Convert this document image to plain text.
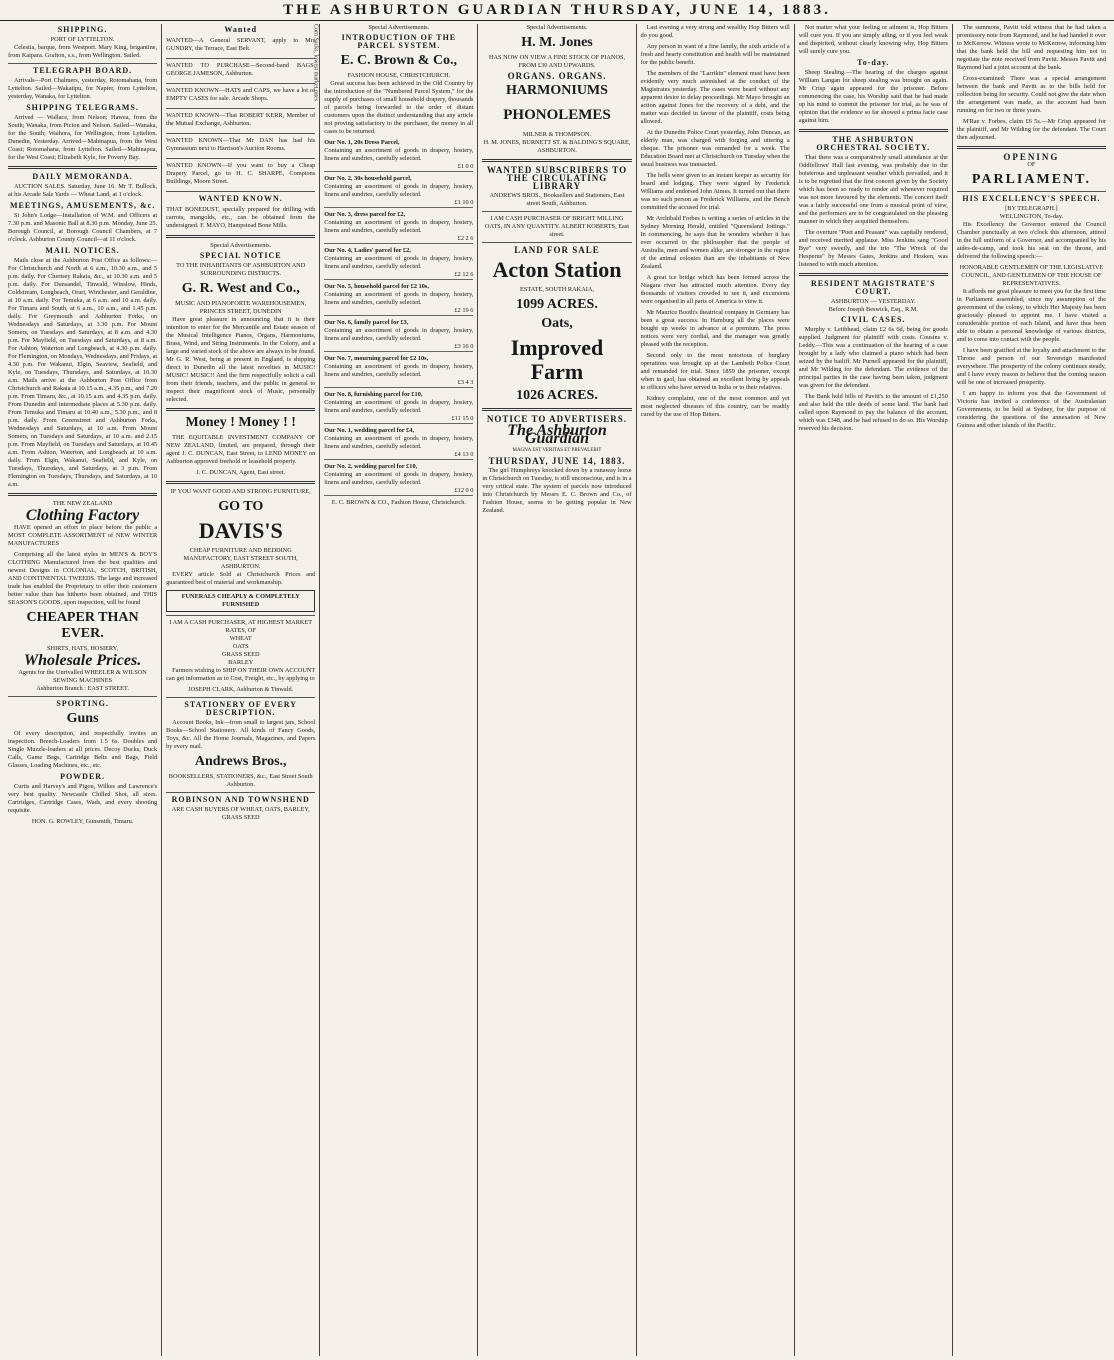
THE ASHBURTON GUARDIAN THURSDAY, JUNE 14, 1883.
SHIPPING.
PORT OF LYTTELTON.

Celestia, barque, from Westport. Mary King, brigantine, from Kaipara. Grafton, s.s., from Wellington. Sailed.

TELEGRAPH BOARD.

Arrivals—Port Chalmers, yesterday, Rotomahana, from Lyttelton. Sailed—Wakatipu, for Napier, from Lyttelton, yesterday, Wanaka, for Lyttelton.

SHIPPING TELEGRAMS.

Arrived — Wallace, from Nelson; Hawea, from the South; Wanaka, from Picton and Nelson. Sailed—Wanaka, for the South; Waihora, for Wellington, from Lyttelton. Dunedin, Yesterday. Arrived—Mahinapua, from the West Coast; Rotomahana, from Lyttelton. Sailed—Mahinapua, for the West Coast; Elizabeth Kyle, for Poverty Bay.

DAILY MEMORANDA.

AUCTION SALES. Saturday, June 16. Mr T. Bullock, at his Arcade Sale Yards — Wheat Land, at 1 o'clock.

MEETINGS, AMUSEMENTS, &c.

St John's Lodge—Installation of W.M. and Officers at 7.30 p.m. and Masonic Ball at 8.30 p.m. Monday, June 25. Borough Council, at Borough Council Chambers, at 7 o'clock. Ashburton County Council—at 11 o'clock.

MAIL NOTICES.

Mails close at the Ashburton Post Office as follows:— For Christchurch and North at 6 a.m., 10.30 a.m., and 5 p.m. daily. For Chertsey Rakaia, &c., at 10.30 a.m. and 5 p.m. daily. For Dunsandel, Tinwald, Winslow, Hinds, Coldstream, Longbeach, Orari, Winchester, and Geraldine, at 10 a.m. daily. For Temuka, at 6 a.m. and 10 a.m. daily. For Timaru and South, at 6 a.m., 10 a.m., and 1.45 p.m. daily. For Greymouth and Ashburton Forks, on Wednesdays and Saturdays, at 3.30 p.m. For Mount Somers, on Tuesdays and Saturdays, at 8 a.m. and 4.30 p.m. For Mayfield, on Tuesdays and Saturdays, at 8 a.m. For Ashton, Waterton and Longbeach, at 4.30 p.m. daily. For Flemington, on Mondays, Wednesdays, and Fridays, at 4.30 p.m. For Wakanui, Elgin, Seaview, Seafield, and Kyle, on Tuesdays, Thursdays, and Saturdays, at 10.30 a.m. Mails arrive at the Ashburton Post Office from Christchurch and Rakaia at 10.15 a.m., 4.35 p.m., and 7.20 p.m. From Timaru, &c., at 10.15 a.m. and 4.35 p.m. daily. From Dunedin and intermediate places at 5.30 p.m. daily. From Temuka and Timaru at 10.40 a.m., 5.30 p.m., and 8 p.m. daily. From Greenstreet and Ashburton Forks, Wednesdays and Saturdays, at 10 a.m. From Mount Somers, on Tuesdays and Saturdays, at 10 a.m. and 2.15 p.m. From Mayfield, on Tuesdays and Saturdays, at 10.45 a.m. From Ashton, Waterton, and Longbeach at 10 a.m. daily. From Elgin, Wakanui, Seafield, and Kyle, on Tuesdays, Thursdays, and Saturdays, at 3 p.m. From Flemington on Tuesdays, Thursdays, and Saturdays, at 10 a.m.

THE NEW ZEALAND
Clothing Factory

HAVE opened an effort to place before the public a MOST COMPLETE ASSORTMENT of NEW WINTER MANUFACTURES

Comprising all the latest styles in MEN'S & BOY'S CLOTHING Manufactured from the best qualities and newest Designs in COLONIAL, SCOTCH, BRITISH, AND CONTINENTAL TWEEDS. The large and increased trade has enabled the Proprietary to offer their customers better value than has hitherto been obtained, and THIS SEASON'S GOODS, upon inspection, will be found

CHEAPER THAN EVER.
SHIRTS, HATS, HOSIERY,
Wholesale Prices.
Agents for the Unrivalled WHEELER & WILSON SEWING MACHINES
Ashburton Branch : EAST STREET.
SPORTING.
Guns

Of every description, and respectfully invites an inspection. Breech-Loaders from 1.5 6s. Doubles and Single Muzzle-loaders at all prices. Decoy Ducks, Duck Calls, Game Bags, Cartridge Belts and Bags, Field Glasses, Loading Machines, etc., etc.

POWDER.

Curtis and Harvey's and Pigou, Wilkes and Lawrence's very best quality. Newcastle Chilled Shot, all sizes. Cartridges, Cartridge Cases, Wads, and every shooting requisite.

HON. G. ROWLEY, Gunsmith, Timaru.
Wanted

WANTED—A General SERVANT, apply to Mrs GUNDRY, the Terrace, East Belt.

WANTED TO PURCHASE—Second-hand BAGS. GEORGE JAMESON, Ashburton.

WANTED KNOWN—HATS and CAPS, we have a lot of EMPTY CASES for sale. Arcade Shops.

WANTED KNOWN—That ROBERT KERR, Member of the Mutual Exchange, Ashburton.

WANTED KNOWN—That Mr DAN has had his Gymnasium next to Harrison's Auction Rooms.

WANTED KNOWN—If you want to buy a Cheap Drapery Parcel, go to H. C. SHARPE, Comptons Buildings, Moore Street.

WANTED KNOWN.

THAT BONEDUST, specially prepared for drilling with carrots, mangolds, etc., can be obtained from the undersigned. F. MAYO, Hampstead Bone Mills.

Special Advertisements.
SPECIAL NOTICE
TO THE INHABITANTS OF ASHBURTON AND SURROUNDING DISTRICTS.
G. R. West and Co.,
MUSIC AND PIANOFORTE WAREHOUSEMEN, PRINCES STREET, DUNEDIN

Have great pleasure in announcing that it is their intention to enter for the Mercantile and Estate season of the Musical Intelligence Pianos, Organs, Harmoniums, Brass, Wind, and String Instruments. In the Colony, and a large and varied stock of the above are always to be found. Mr G. R. West, being at present in England, is shipping direct to Dunedin all the latest novelties in MUSIC! MUSIC! MUSIC!! And the firm respectfully solicit a call from their friends, teachers, and the public in general to inspect their magnificent stock of Music, personally selected.

Money ! Money ! !

THE EQUITABLE INVESTMENT COMPANY OF NEW ZEALAND, limited, are prepared, through their agent J. C. DUNCAN, East Street, to LEND MONEY on Ashburton approved freehold or leasehold property.

J. C. DUNCAN, Agent, East street.
IF YOU WANT GOOD AND STRONG FURNITURE,
GO TO
DAVIS'S
CHEAP FURNITURE AND BEDDING MANUFACTORY, EAST STREET SOUTH, ASHBURTON.

EVERY article Sold at Christchurch Prices and guaranteed best of material and workmanship.

FUNERALS CHEAPLY & COMPLETELY FURNISHED
I AM A CASH PURCHASER, AT HIGHEST MARKET RATES, OF
WHEAT
OATS
GRASS SEED
BARLEY

Farmers wishing to SHIP ON THEIR OWN ACCOUNT can get information as to Cost, Freight, etc., by applying to

JOSEPH CLARK, Ashburton & Tinwald.
STATIONERY OF EVERY DESCRIPTION.

Account Books, Ink—from small to largest jars, School Books—School Stationery. All kinds of Fancy Goods, Toys, &c. All the Home Journals, Magazines, and Papers by every mail.

Andrews Bros.,
BOOKSELLERS, STATIONERS, &c., East Street South Ashburton.
ROBINSON AND TOWNSHEND
ARE CASH BUYERS OF WHEAT, OATS, BARLEY, GRASS SEED
Corn Sacks, lowest market rates	Special Advertisements.
INTRODUCTION OF THE PARCEL SYSTEM.
E. C. Brown & Co.,
FASHION HOUSE, CHRISTCHURCH.

Great success has been achieved in the Old Country by the introduction of the "Numbered Parcel System," for the supply of purchases of small household drapery, thousands of parcels being forwarded to the order of distant customers upon the distinct understanding that any article not proving satisfactory to the purchaser, the money in all cases to be returned.

Our No. 1, 20s Dress Parcel,
Containing an assortment of goods in drapery, hosiery, linens and sundries, carefully selected.
£1 0 0
Our No. 2, 30s household parcel,
Containing an assortment of goods in drapery, hosiery, linens and sundries, carefully selected.
£1 10 0
Our No. 3, dress parcel for £2,
Containing an assortment of goods in drapery, hosiery, linens and sundries, carefully selected.
£2 2 6
Our No. 4, Ladies' parcel for £2,
Containing an assortment of goods in drapery, hosiery, linens and sundries, carefully selected.
£2 12 6
Our No. 5, household parcel for £2 10s,
Containing an assortment of goods in drapery, hosiery, linens and sundries, carefully selected.
£2 19 6
Our No. 6, family parcel for £3,
Containing an assortment of goods in drapery, hosiery, linens and sundries, carefully selected.
£3 16 0
Our No. 7, mourning parcel for £2 10s,
Containing an assortment of goods in drapery, hosiery, linens and sundries, carefully selected.
£3 4 3
Our No. 8, furnishing parcel for £10,
Containing an assortment of goods in drapery, hosiery, linens and sundries, carefully selected.
£11 15 0
Our No. 1, wedding parcel for £4,
Containing an assortment of goods in drapery, hosiery, linens and sundries, carefully selected.
£4 13 0
Our No. 2, wedding parcel for £10,
Containing an assortment of goods in drapery, hosiery, linens and sundries, carefully selected.
£12 0 0
E. C. BROWN & CO., Fashion House, Christchurch.
Special Advertisements.
H. M. Jones
HAS NOW ON VIEW A FINE STOCK OF PIANOS, FROM £30 AND UPWARDS.
ORGANS. ORGANS.
HARMONIUMS
PHONOLEMES
MILNER & THOMPSON.
H. M. JONES, BURNETT ST. & BALDING'S SQUARE, ASHBURTON.
WANTED SUBSCRIBERS TO THE CIRCULATING LIBRARY
ANDREWS BROS., Booksellers and Stationers, East street South, Ashburton.
I AM CASH PURCHASER OF BRIGHT MILLING OATS, IN ANY QUANTITY. ALBERT KOBERTS, East street.
LAND FOR SALE
Acton Station
ESTATE, SOUTH RAKAIA,
1099 ACRES.
Oats,
Improved Farm
1026 ACRES.
NOTICE TO ADVERTISERS.
The Ashburton Guardian
MAGNA EST VERITAS ET PREVALEBIT
THURSDAY, JUNE 14, 1883.

The girl Humphreys knocked down by a runaway horse in Christchurch on Tuesday, is still unconscious, and is in a very critical state. The system of parcels now introduced into Christchurch by Messrs E. C. Brown and Co., of Fashion House, seems to be getting popular in New Zealand.

Last evening a very strong and wealthy Hop Bitters will do you good.

Any person in want of a fine family, the sixth article of a fresh and hearty constitution and health will be maintained for the public benefit.

The members of the "Larrikin" element must have been evidently very much astonished at the conduct of the Magistrates yesterday. The cases were heard without any apparent desire to delay proceedings. Mr Mayo brought an action against Jones for the recovery of a debt, and the matter was decided in favour of the plaintiff, costs being allowed.

At the Dunedin Police Court yesterday, John Duncan, an elderly man, was charged with forging and uttering a cheque. The prisoner was remanded for a week. The Education Board met at Christchurch on Tuesday when the usual business was transacted.

The bells were given to an instant keeper as security for board and lodging. They were signed by Frederick Williams and endorsed John Aimes. It turned out that there was no such person as Frederick Williams, and the Bench committed the accused for trial.

Mr Archibald Forbes is writing a series of articles in the Sydney Morning Herald, entitled "Queensland Jottings." In commencing, he says that he wonders whether it has ever occurred to the philosopher that the people of Australia, men and women alike, are stronger in the region of the animal colonies than are the inhabitants of New Zealand.

A great ice bridge which has been formed across the Niagara river has attracted much attention. Every day thousands of visitors crowded to see it, and excursions were organised in all parts of America to view it.

Mr Maurice Booth's theatrical company in Germany has been a great success. In Hamburg all the places were bought up weeks in advance at a premium. The press notices were very cordial, and the manager was greatly pleased with the reception.

Second only to the most notorious of burglary operations was brought up at the Lambeth Police Court and remanded for trial. Since 1859 the prisoner, except when in gaol, has obtained an excellent living by appeals to officers who have served in India or to their relatives.

Kidney complaint, one of the most common and yet most neglected diseases of this country, can be readily cured by the use of Hop Bitters.

Not matter what your feeling or ailment is, Hop Bitters will cure you. If you are simply ailing, or if you feel weak and dispirited, without clearly knowing why, Hop Bitters will surely cure you.

To-day.

Sheep Stealing.—The hearing of the charges against William Langan for sheep stealing was brought on again. Mr Crisp again appeared for the prisoner. Before commencing the case, his Worship said that he had made up his mind to commit the prisoner for trial, as he was of opinion that the evidence so far showed a prima facie case against him.

THE ASHBURTON ORCHESTRAL SOCIETY.

That there was a comparatively small attendance at the Oddfellows' Hall last evening, was probably due to the boisterous and unpleasant weather which prevailed, and it is to be regretted that the first concert given by the Society which has been so ready to render aid whenever required was not more favoured by the elements. The concert itself was a fairly successful one from a musical point of view, and the performers are to be congratulated on the pleasing manner in which they acquitted themselves.

The overture "Poet and Peasant" was capitally rendered, and received merited applause. Miss Jenkins sang "Good Bye" very sweetly, and the trio "The Wreck of the Hesperus" by Messrs Gates, Jenkins and Hosken, was listened to with much attention.

RESIDENT MAGISTRATE'S COURT.
ASHBURTON — YESTERDAY.
Before Joseph Beswick, Esq., R.M.
CIVIL CASES.

Murphy v. Leitbhead, claim £2 6s 6d, being for goods supplied. Judgment for plaintiff with costs. Cousins v. Leddy.—This was a continuation of the hearing of a case brought by a lady who claimed a piano which had been seized by the bailiff. Mr Purnell appeared for the plaintiff, and Mr Wilding for the defendant. The evidence of the principal parties in the case having been taken, judgment was given for the defendant.

The Bank held bills of Pavitt's to the amount of £1,250 and also held the title deeds of some land. The bank had called upon Raymond to pay the balance of the account, which was £348, and he had refused to do so. His Worship reserved his decision.

The summons, Pavitt told witness that he had taken a promissory note from Raymond, and he had handed it over to McKerrow. Witness wrote to McKerrow, informing him that the bank held the bill and requesting him not to negotiate the note received from Pavitt. Messrs Pavitt and Raymond had a joint account at the bank.

Cross-examined: There was a special arrangement between the bank and Pavitt as to the bills held for collection being for security. Could not give the date when the arrangement was made, as the account had been running on for two or three years.

M'Rae v. Forbes, claim £6 5s.—Mr Crisp appeared for the plaintiff, and Mr Wilding for the defendant. The Court then adjourned.

OPENING
OF
PARLIAMENT.
HIS EXCELLENCY'S SPEECH.
[BY TELEGRAPH.]
WELLINGTON, To-day.

His Excellency the Governor entered the Council Chamber punctually at two o'clock this afternoon, attired in the full uniform of a Governor, and accompanied by his aides-de-camp, and took his seat on the throne, and delivered the following speech:—

HONORABLE GENTLEMEN OF THE LEGISLATIVE COUNCIL, AND GENTLEMEN OF THE HOUSE OF REPRESENTATIVES.

It affords me great pleasure to meet you for the first time in Parliament assembled, since my assumption of the government of the colony, to which Her Majesty has been graciously pleased to appoint me. I have visited a considerable portion of each Island, and have thus been able to obtain a personal knowledge of various districts, and to come into contact with the people.

I have been gratified at the loyalty and attachment to the Throne and person of our Sovereign manifested everywhere. The prosperity of the colony continues steady, and I have every reason to believe that the coming season will be one of increased prosperity.

I am happy to inform you that the Government of Victoria has invited a conference of the Australasian Governments, to be held at Sydney, for the purpose of considering the questions of the annexation of New Guinea and other islands of the Pacific.
